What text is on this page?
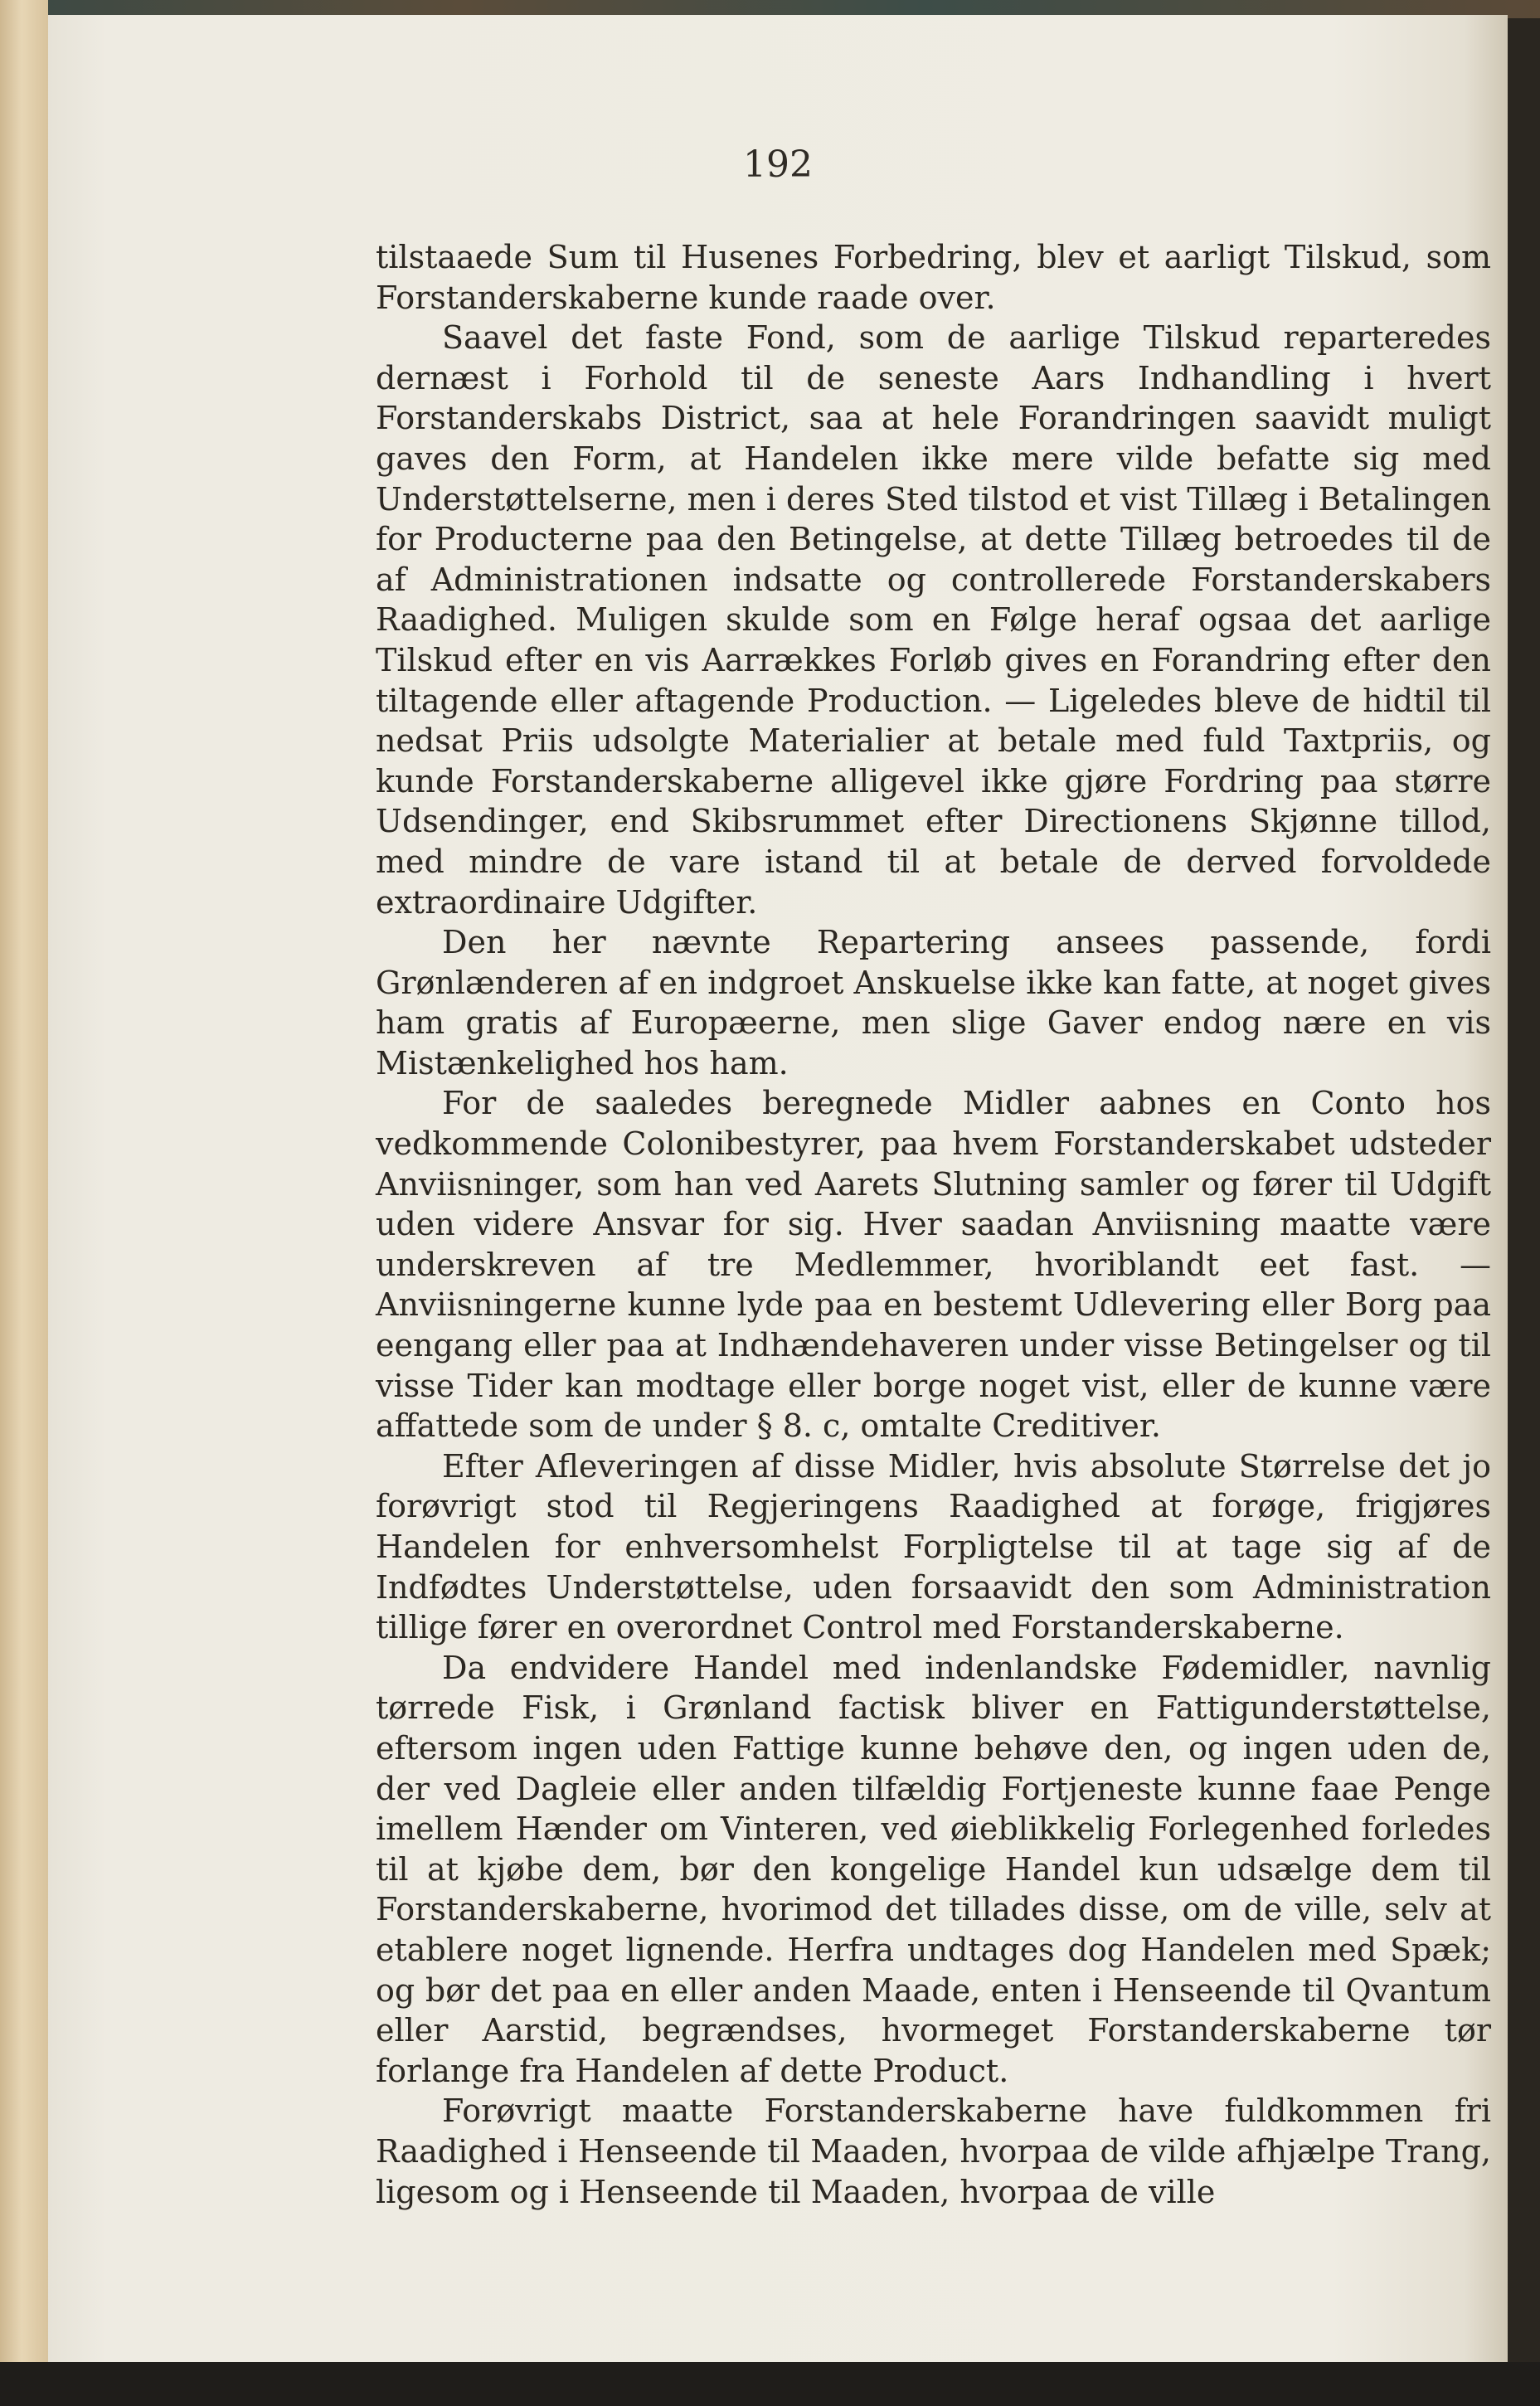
192

tilstaaede Sum til Husenes Forbedring, blev et aarligt Tilskud, som Forstanderskaberne kunde raade over.

Saavel det faste Fond, som de aarlige Tilskud reparteredes dernæst i Forhold til de seneste Aars Indhandling i hvert Forstanderskabs District, saa at hele Forandringen saavidt muligt gaves den Form, at Handelen ikke mere vilde befatte sig med Understøttelserne, men i deres Sted tilstod et vist Tillæg i Betalingen for Producterne paa den Betingelse, at dette Tillæg betroedes til de af Administrationen indsatte og controllerede Forstanderskabers Raadighed. Muligen skulde som en Følge heraf ogsaa det aarlige Tilskud efter en vis Aarrækkes Forløb gives en Forandring efter den tiltagende eller aftagende Production. — Ligeledes bleve de hidtil til nedsat Priis udsolgte Materialier at betale med fuld Taxtpriis, og kunde Forstanderskaberne alligevel ikke gjøre Fordring paa større Udsendinger, end Skibsrummet efter Directionens Skjønne tillod, med mindre de vare istand til at betale de derved forvoldede extraordinaire Udgifter.

Den her nævnte Repartering ansees passende, fordi Grønlænderen af en indgroet Anskuelse ikke kan fatte, at noget gives ham gratis af Europæerne, men slige Gaver endog nære en vis Mistænkelighed hos ham.

For de saaledes beregnede Midler aabnes en Conto hos vedkommende Colonibestyrer, paa hvem Forstanderskabet udsteder Anviisninger, som han ved Aarets Slutning samler og fører til Udgift uden videre Ansvar for sig. Hver saadan Anviisning maatte være underskreven af tre Medlemmer, hvoriblandt eet fast. — Anviisningerne kunne lyde paa en bestemt Udlevering eller Borg paa eengang eller paa at Indhændehaveren under visse Betingelser og til visse Tider kan modtage eller borge noget vist, eller de kunne være affattede som de under § 8. c, omtalte Creditiver.

Efter Afleveringen af disse Midler, hvis absolute Størrelse det jo forøvrigt stod til Regjeringens Raadighed at forøge, frigjøres Handelen for enhversomhelst Forpligtelse til at tage sig af de Indfødtes Understøttelse, uden forsaavidt den som Administration tillige fører en overordnet Control med Forstanderskaberne.

Da endvidere Handel med indenlandske Fødemidler, navnlig tørrede Fisk, i Grønland factisk bliver en Fattigunderstøttelse, eftersom ingen uden Fattige kunne behøve den, og ingen uden de, der ved Dagleie eller anden tilfældig Fortjeneste kunne faae Penge imellem Hænder om Vinteren, ved øieblikkelig Forlegenhed forledes til at kjøbe dem, bør den kongelige Handel kun udsælge dem til Forstanderskaberne, hvorimod det tillades disse, om de ville, selv at etablere noget lignende. Herfra undtages dog Handelen med Spæk; og bør det paa en eller anden Maade, enten i Henseende til Qvantum eller Aarstid, begrændses, hvormeget Forstanderskaberne tør forlange fra Handelen af dette Product.

Forøvrigt maatte Forstanderskaberne have fuldkommen fri Raadighed i Henseende til Maaden, hvorpaa de vilde afhjælpe Trang, ligesom og i Henseende til Maaden, hvorpaa de ville
